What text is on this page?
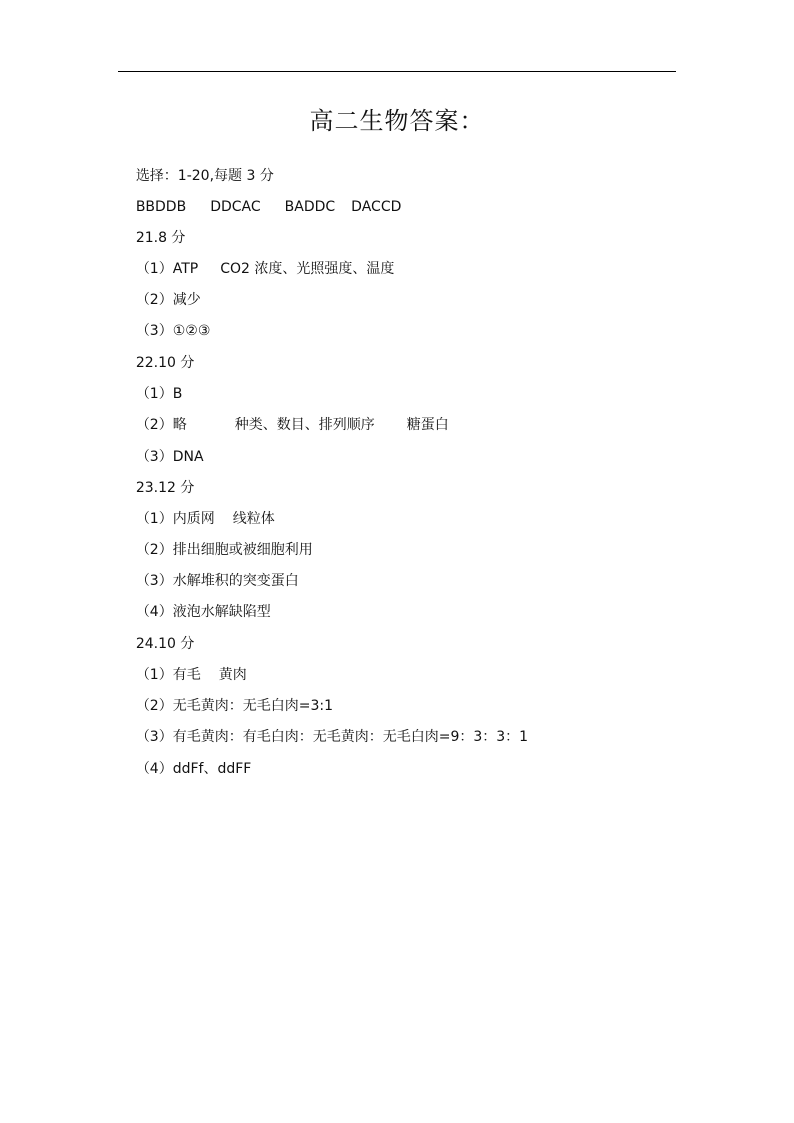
高二生物答案：

选择：1-20,每题 3 分

BBDDB DDCAC BADDC DACCD

21.8 分

（1）ATP CO2 浓度、光照强度、温度

（2）减少

（3）①②③

22.10 分

（1）B

（2）略	种类、数目、排列顺序 糖蛋白

（3）DNA

23.12 分

（1）内质网 线粒体

（2）排出细胞或被细胞利用

（3）水解堆积的突变蛋白

（4）液泡水解缺陷型

24.10 分

（1）有毛 黄肉

（2）无毛黄肉：无毛白肉=3:1

（3）有毛黄肉：有毛白肉：无毛黄肉：无毛白肉=9：3：3：1

（4）ddFf、ddFF
